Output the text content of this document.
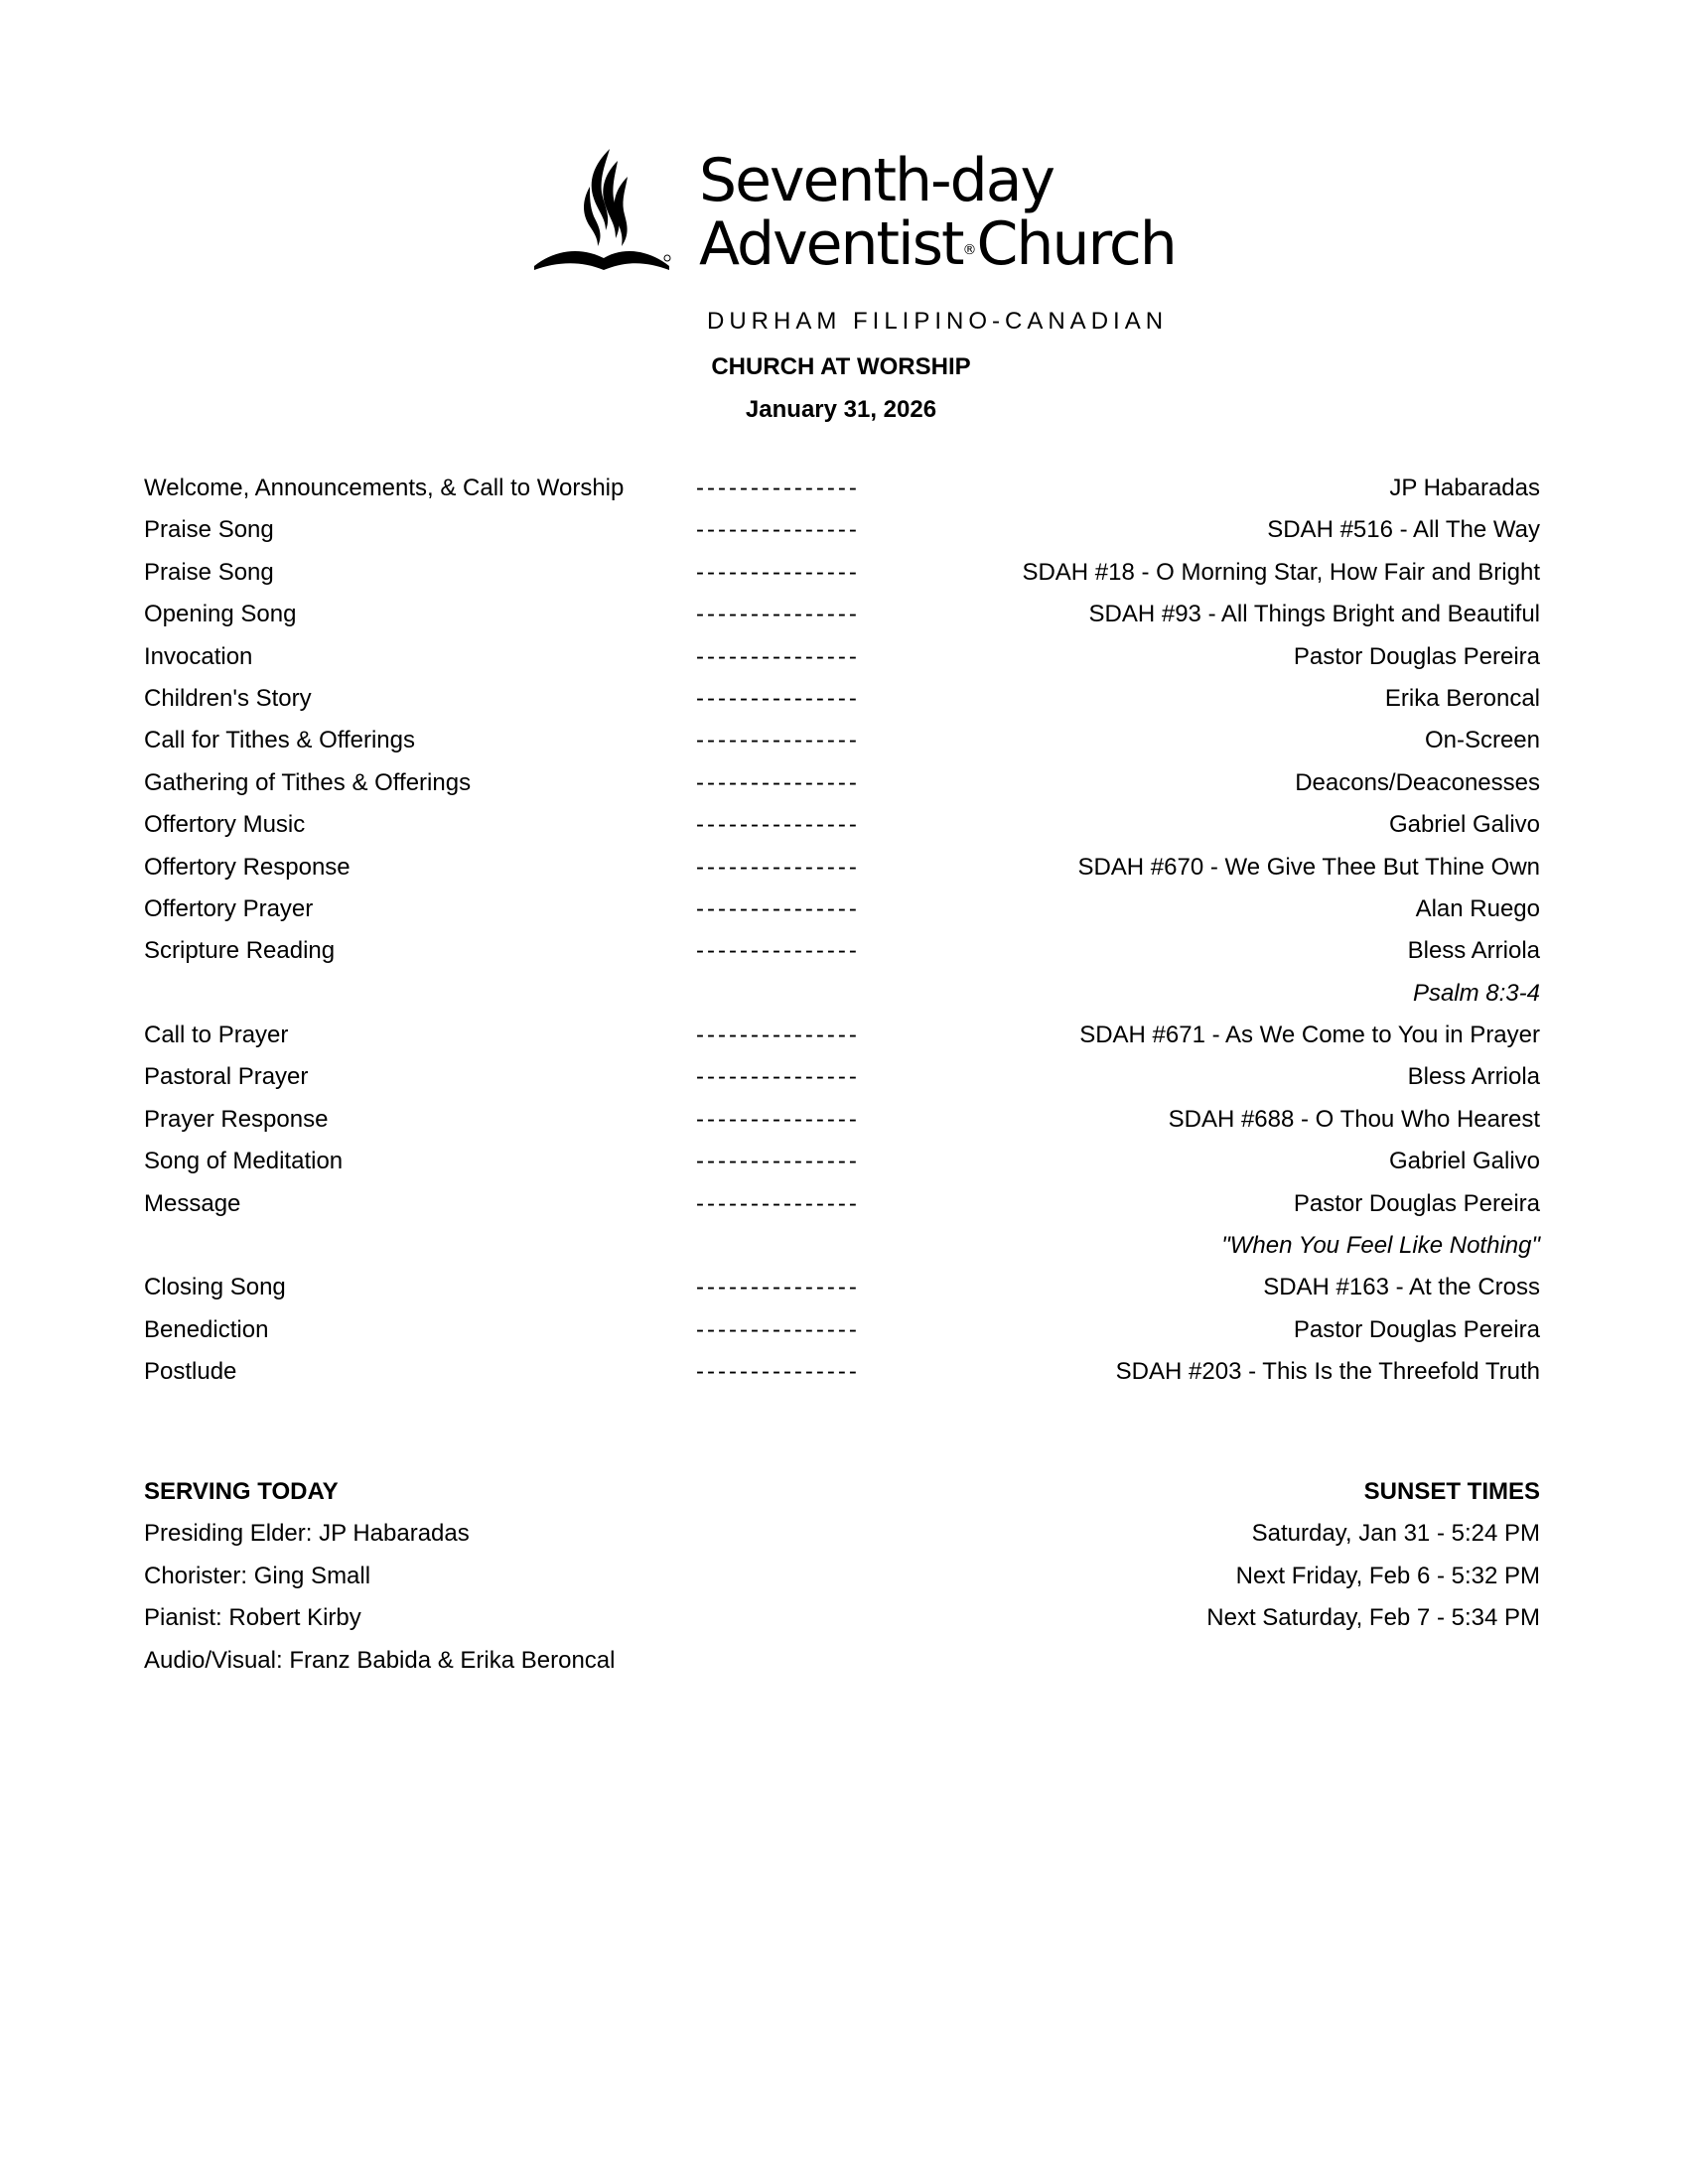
Seventh-day
Adventist®Church
DURHAM FILIPINO-CANADIAN
CHURCH AT WORSHIP
January 31, 2026
Welcome, Announcements, & Call to Worship	---------------	JP Habaradas
Praise Song	---------------	SDAH #516 - All The Way
Praise Song	---------------	SDAH #18 - O Morning Star, How Fair and Bright
Opening Song	---------------	SDAH #93 - All Things Bright and Beautiful
Invocation	---------------	Pastor Douglas Pereira
Children's Story	---------------	Erika Beroncal
Call for Tithes & Offerings	---------------	On-Screen
Gathering of Tithes & Offerings	---------------	Deacons/Deaconesses
Offertory Music	---------------	Gabriel Galivo
Offertory Response	---------------	SDAH #670 - We Give Thee But Thine Own
Offertory Prayer	---------------	Alan Ruego
Scripture Reading	---------------	Bless Arriola
Psalm 8:3-4
Call to Prayer	---------------	SDAH #671 - As We Come to You in Prayer
Pastoral Prayer	---------------	Bless Arriola
Prayer Response	---------------	SDAH #688 - O Thou Who Hearest
Song of Meditation	---------------	Gabriel Galivo
Message	---------------	Pastor Douglas Pereira
"When You Feel Like Nothing"
Closing Song	---------------	SDAH #163 - At the Cross
Benediction	---------------	Pastor Douglas Pereira
Postlude	---------------	SDAH #203 - This Is the Threefold Truth
SERVING TODAY
Presiding Elder: JP Habaradas
Chorister: Ging Small
Pianist: Robert Kirby
Audio/Visual: Franz Babida & Erika Beroncal
SUNSET TIMES
Saturday, Jan 31 - 5:24 PM
Next Friday, Feb 6 - 5:32 PM
Next Saturday, Feb 7 - 5:34 PM
